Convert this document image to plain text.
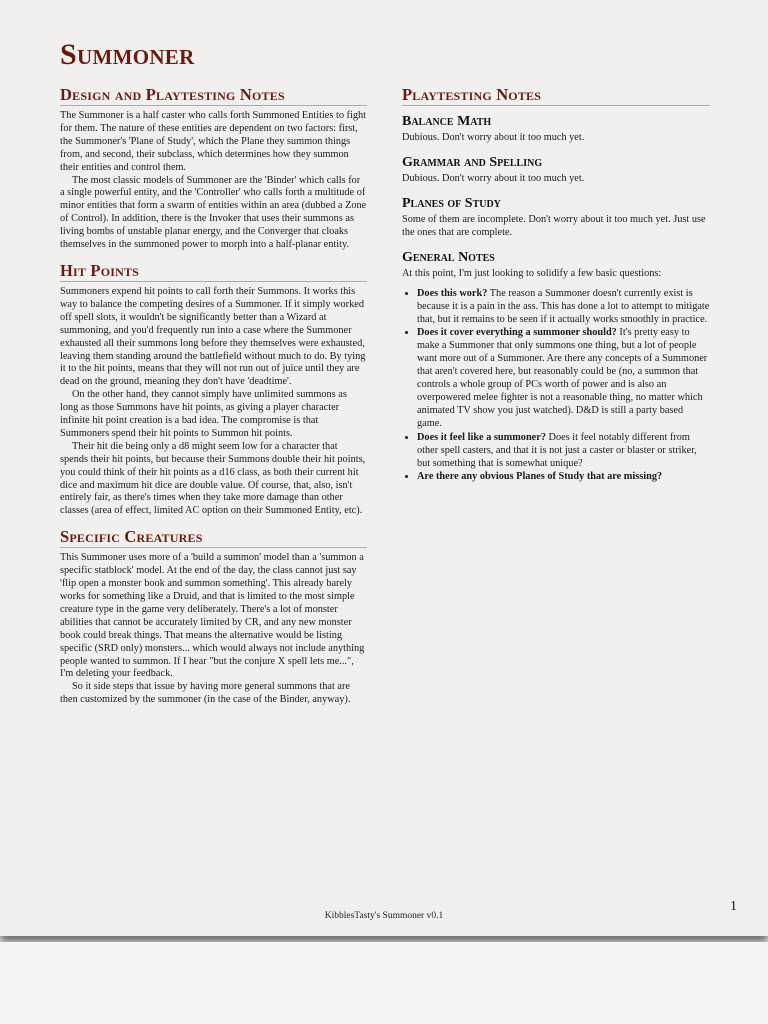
Summoner
Design and Playtesting Notes

The Summoner is a half caster who calls forth Summoned Entities to fight for them. The nature of these entities are dependent on two factors: first, the Summoner's 'Plane of Study', which the Plane they summon things from, and second, their subclass, which determines how they summon their entities and control them.

The most classic models of Summoner are the 'Binder' which calls for a single powerful entity, and the 'Controller' who calls forth a multitude of minor entities that form a swarm of entities within an area (dubbed a Zone of Control). In addition, there is the Invoker that uses their summons as living bombs of unstable planar energy, and the Converger that cloaks themselves in the summoned power to morph into a half-planar entity.

Hit Points

Summoners expend hit points to call forth their Summons. It works this way to balance the competing desires of a Summoner. If it simply worked off spell slots, it wouldn't be significantly better than a Wizard at summoning, and you'd frequently run into a case where the Summoner exhausted all their summons long before they themselves were exhausted, leaving them standing around the battlefield without much to do. By tying it to the hit points, means that they will not run out of juice until they are dead on the ground, meaning they don't have 'deadtime'.

On the other hand, they cannot simply have unlimited summons as long as those Summons have hit points, as giving a player character infinite hit point creation is a bad idea. The compromise is that Summoners spend their hit points to Summon hit points.

Their hit die being only a d8 might seem low for a character that spends their hit points, but because their Summons double their hit points, you could think of their hit points as a d16 class, as both their current hit dice and maximum hit dice are double value. Of course, that, also, isn't entirely fair, as there's times when they take more damage than other classes (area of effect, limited AC option on their Summoned Entity, etc).

Specific Creatures

This Summoner uses more of a 'build a summon' model than a 'summon a specific statblock' model. At the end of the day, the class cannot just say 'flip open a monster book and summon something'. This already barely works for something like a Druid, and that is limited to the most simple creature type in the game very deliberately. There's a lot of monster abilities that cannot be accurately limited by CR, and any new monster book could break things. That means the alternative would be listing specific (SRD only) monsters... which would always not include anything people wanted to summon. If I hear "but the conjure X spell lets me...", I'm deleting your feedback.

So it side steps that issue by having more general summons that are then customized by the summoner (in the case of the Binder, anyway).

Playtesting Notes
Balance Math

Dubious. Don't worry about it too much yet.

Grammar and Spelling

Dubious. Don't worry about it too much yet.

Planes of Study

Some of them are incomplete. Don't worry about it too much yet. Just use the ones that are complete.

General Notes

At this point, I'm just looking to solidify a few basic questions:

• Does this work? The reason a Summoner doesn't currently exist is because it is a pain in the ass. This has done a lot to attempt to mitigate that, but it remains to be seen if it actually works smoothly in practice.
• Does it cover everything a summoner should? It's pretty easy to make a Summoner that only summons one thing, but a lot of people want more out of a Summoner. Are there any concepts of a Summoner that aren't covered here, but reasonably could be (no, a summon that controls a whole group of PCs worth of power and is also an overpowered melee fighter is not a reasonable thing, no matter which animated TV show you just watched). D&D is still a party based game.
• Does it feel like a summoner? Does it feel notably different from other spell casters, and that it is not just a caster or blaster or striker, but something that is somewhat unique?
• Are there any obvious Planes of Study that are missing?
KibblesTasty's Summoner v0.1
1
